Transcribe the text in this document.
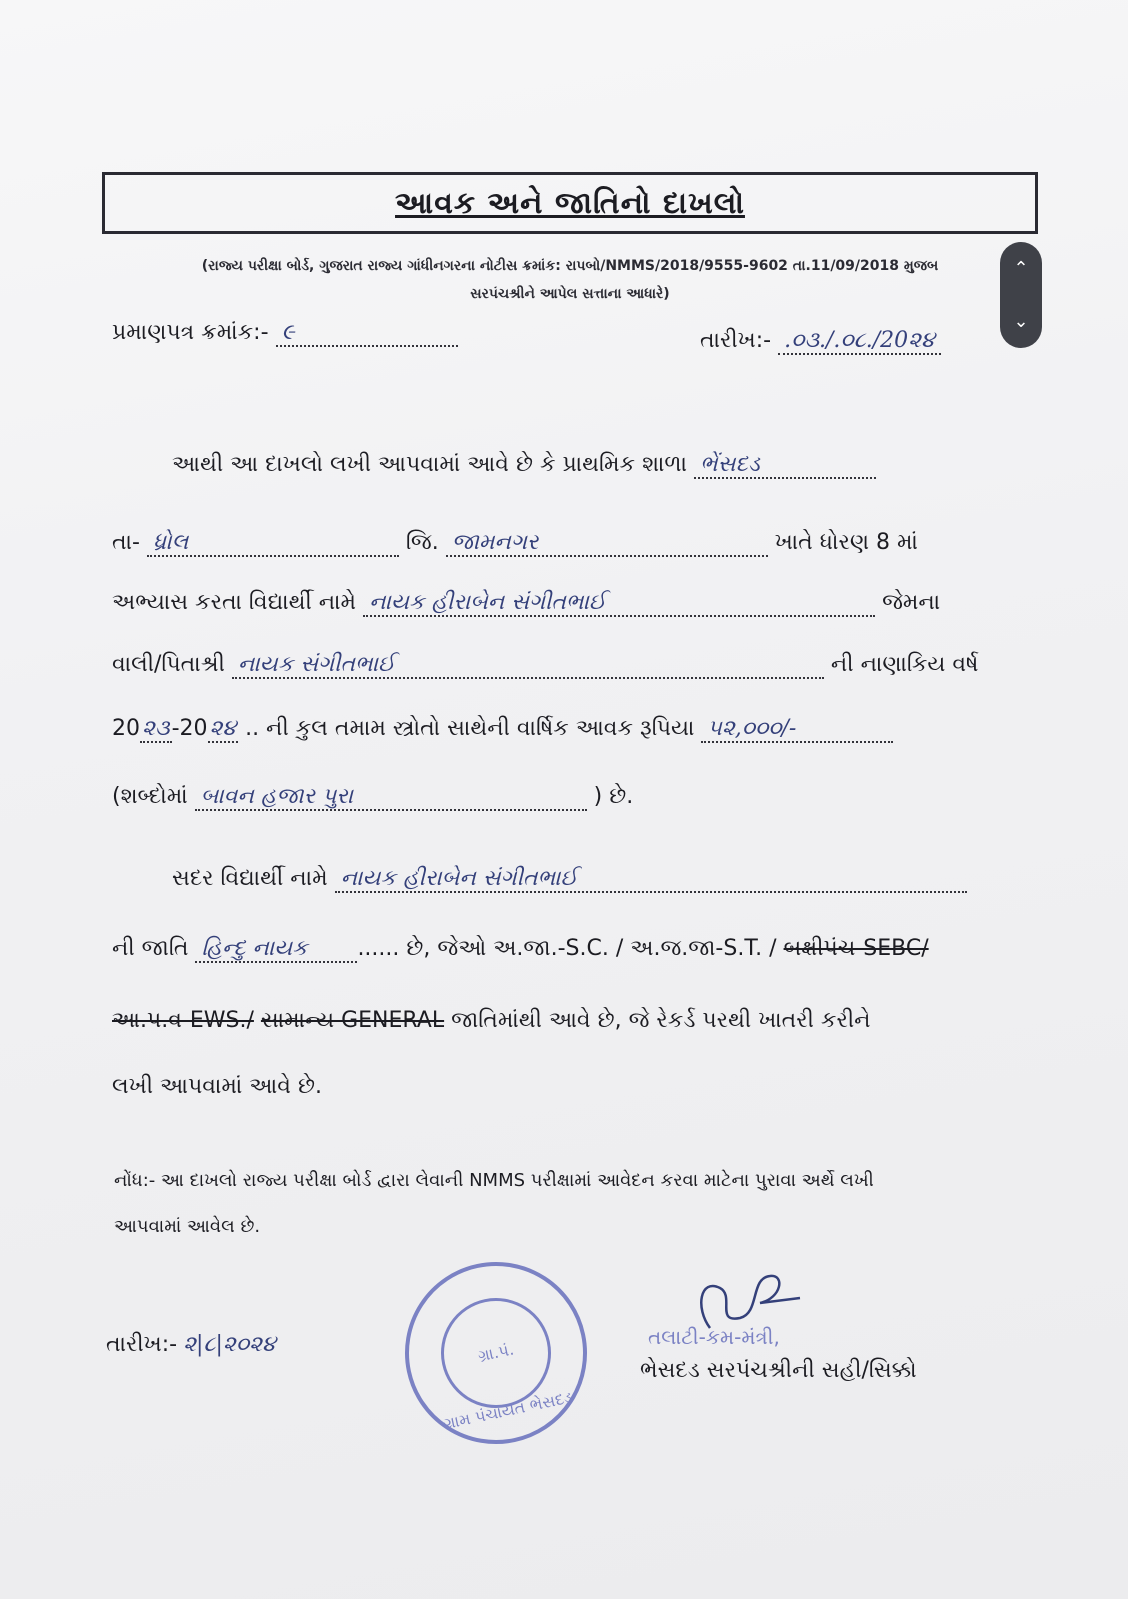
આવક અને જાતિનો દાખલો
(રાજ્ય પરીક્ષા બોર્ડ, ગુજરાત રાજ્ય ગાંધીનગરના નોટીસ ક્રમાંક: રાપબો/NMMS/2018/9555-9602 તા.11/09/2018 મુજબ
સરપંચશ્રીને આપેલ સત્તાના આધારે)
⌃
⌄
પ્રમાણપત્ર ક્રમાંક:- ૯	તારીખ:- .૦૩./.૦૮./20૨૪
આથી આ દાખલો લખી આપવામાં આવે છે કે પ્રાથમિક શાળા ભેંસદડ
તા- ધ્રોલ	જિ. જામનગર	ખાતે ધોરણ 8 માં
અભ્યાસ કરતા વિદ્યાર્થી નામે નાયક હીરાબેન સંગીતભાઈ	જેમના
વાલી/પિતાશ્રી નાયક સંગીતભાઈ	ની નાણાકિય વર્ષ
20૨૩-20૨૪ .. ની કુલ તમામ સ્ત્રોતો સાથેની વાર્ષિક આવક રૂપિયા ૫૨,૦૦૦/-
(શબ્દોમાં બાવન હજાર પુરા	) છે.
સદર વિદ્યાર્થી નામે નાયક હીરાબેન સંગીતભાઈ
ની જાતિ હિન્દુ નાયક ...... છે, જેઓ અ.જા.-S.C. / અ.જ.જા-S.T. / બક્ષીપંચ-SEBC/
આ.પ.વ-EWS./ સામાન્ય GENERAL જાતિમાંથી આવે છે, જે રેકર્ડ પરથી ખાતરી કરીને
લખી આપવામાં આવે છે.
નોંધ:- આ દાખલો રાજ્ય પરીક્ષા બોર્ડ દ્વારા લેવાની NMMS પરીક્ષામાં આવેદન કરવા માટેના પુરાવા અર્થે લખી
આપવામાં આવેલ છે.
તારીખ:- ૨|૮|૨૦૨૪	ગ્રા.પં.
ગ્રામ પંચાયત ભેસદડ
તલાટી-કમ-મંત્રી,
ભેસદડ સરપંચશ્રીની સહી/સિક્કો
